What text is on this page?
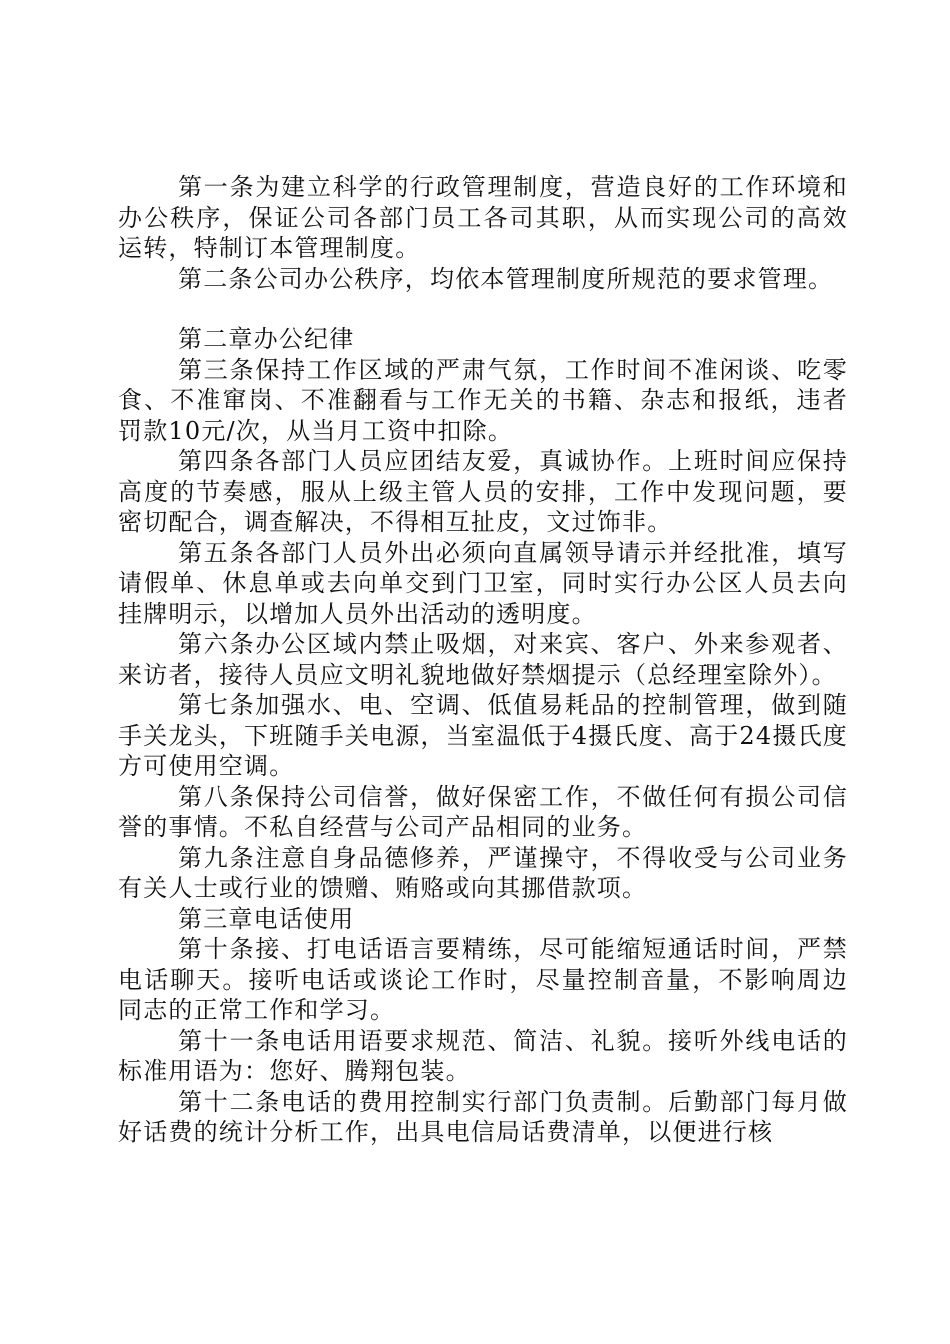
第一条为建立科学的行政管理制度，营造良好的工作环境和办公秩序，保证公司各部门员工各司其职，从而实现公司的高效运转，特制订本管理制度。

第二条公司办公秩序，均依本管理制度所规范的要求管理。

第二章办公纪律

第三条保持工作区域的严肃气氛，工作时间不准闲谈、吃零食、不准窜岗、不准翻看与工作无关的书籍、杂志和报纸，违者罚款10元/次，从当月工资中扣除。

第四条各部门人员应团结友爱，真诚协作。上班时间应保持高度的节奏感，服从上级主管人员的安排，工作中发现问题，要密切配合，调查解决，不得相互扯皮，文过饰非。

第五条各部门人员外出必须向直属领导请示并经批准，填写请假单、休息单或去向单交到门卫室，同时实行办公区人员去向挂牌明示，以增加人员外出活动的透明度。

第六条办公区域内禁止吸烟，对来宾、客户、外来参观者、来访者，接待人员应文明礼貌地做好禁烟提示（总经理室除外）。

第七条加强水、电、空调、低值易耗品的控制管理，做到随手关龙头，下班随手关电源，当室温低于4摄氏度、高于24摄氏度方可使用空调。

第八条保持公司信誉，做好保密工作，不做任何有损公司信誉的事情。不私自经营与公司产品相同的业务。

第九条注意自身品德修养，严谨操守，不得收受与公司业务有关人士或行业的馈赠、贿赂或向其挪借款项。

第三章电话使用

第十条接、打电话语言要精练，尽可能缩短通话时间，严禁电话聊天。接听电话或谈论工作时，尽量控制音量，不影响周边同志的正常工作和学习。

第十一条电话用语要求规范、简洁、礼貌。接听外线电话的标准用语为：您好、腾翔包装。

第十二条电话的费用控制实行部门负责制。后勤部门每月做好话费的统计分析工作，出具电信局话费清单，以便进行核
